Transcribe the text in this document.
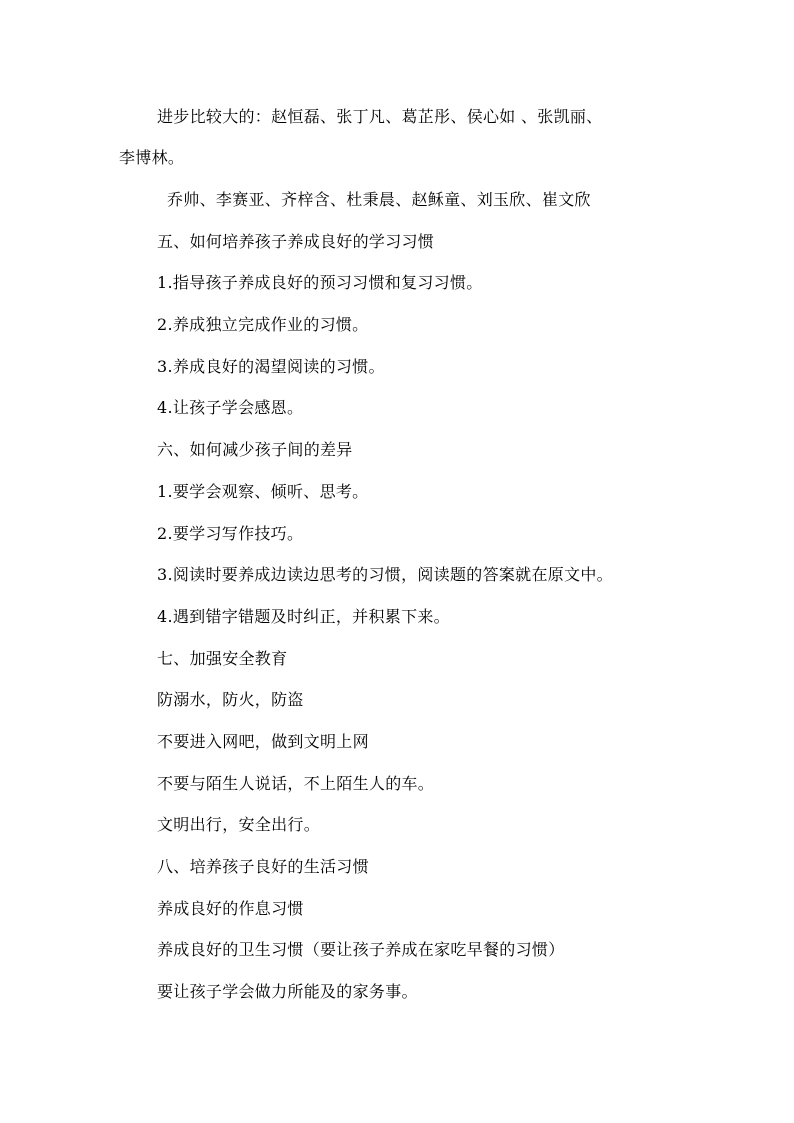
进步比较大的：赵恒磊、张丁凡、葛芷彤、侯心如 、张凯丽、
李博林。
乔帅、李赛亚、齐梓含、杜秉晨、赵稣童、刘玉欣、崔文欣
五、如何培养孩子养成良好的学习习惯
1.指导孩子养成良好的预习习惯和复习习惯。
2.养成独立完成作业的习惯。
3.养成良好的渴望阅读的习惯。
4.让孩子学会感恩。
六、如何减少孩子间的差异
1.要学会观察、倾听、思考。
2.要学习写作技巧。
3.阅读时要养成边读边思考的习惯，阅读题的答案就在原文中。
4.遇到错字错题及时纠正，并积累下来。
七、加强安全教育
防溺水，防火，防盗
不要进入网吧，做到文明上网
不要与陌生人说话，不上陌生人的车。
文明出行，安全出行。
八、培养孩子良好的生活习惯
养成良好的作息习惯
养成良好的卫生习惯（要让孩子养成在家吃早餐的习惯）
要让孩子学会做力所能及的家务事。
